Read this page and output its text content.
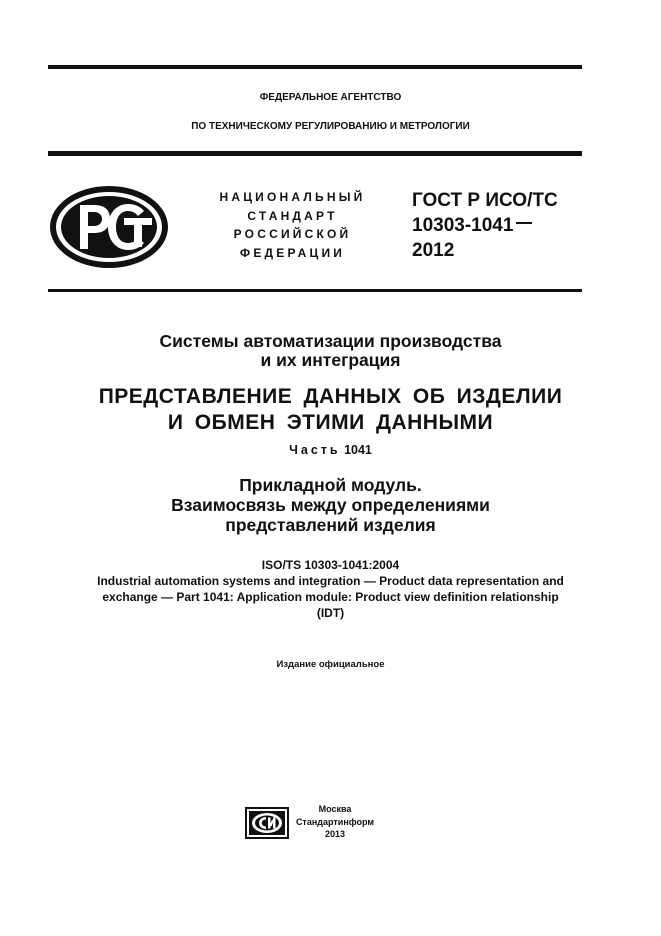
ФЕДЕРАЛЬНОЕ АГЕНТСТВО
ПО ТЕХНИЧЕСКОМУ РЕГУЛИРОВАНИЮ И МЕТРОЛОГИИ
НАЦИОНАЛЬНЫЙ
СТАНДАРТ
РОССИЙСКОЙ
ФЕДЕРАЦИИ
ГОСТ Р ИСО/ТС
10303-1041
2012
Системы автоматизации производства
и их интеграция
ПРЕДСТАВЛЕНИЕ ДАННЫХ ОБ ИЗДЕЛИИ
И ОБМЕН ЭТИМИ ДАННЫМИ
Часть 1041
Прикладной модуль.
Взаимосвязь между определениями
представлений изделия
ISO/TS 10303-1041:2004
Industrial automation systems and integration — Product data representation and
exchange — Part 1041: Application module: Product view definition relationship
(IDT)
Издание официальное
Москва
Стандартинформ
2013
